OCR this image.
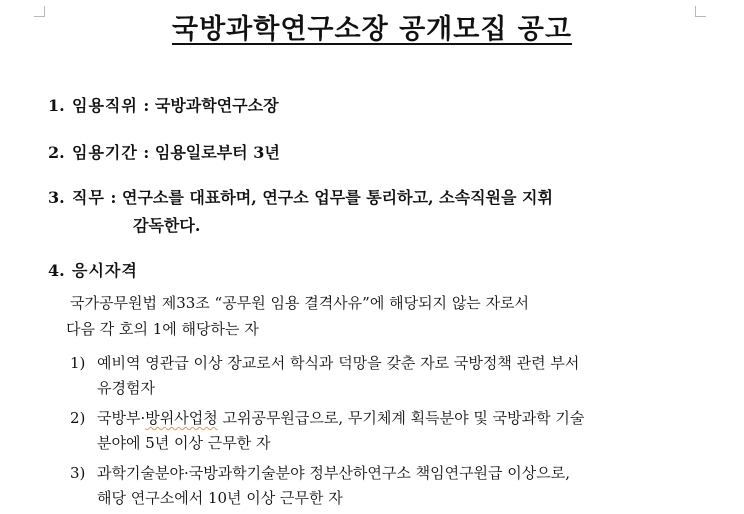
국방과학연구소장 공개모집 공고
1. 임용직위 : 국방과학연구소장
2. 임용기간 : 임용일로부터 3년
3. 직무 : 연구소를 대표하며, 연구소 업무를 통리하고, 소속직원을 지휘
감독한다.
4. 응시자격
국가공무원법 제33조 “공무원 임용 결격사유”에 해당되지 않는 자로서
다음 각 호의 1에 해당하는 자
1) 예비역 영관급 이상 장교로서 학식과 덕망을 갖춘 자로 국방정책 관련 부서
유경험자
2) 국방부·방위사업청 고위공무원급으로, 무기체계 획득분야 및 국방과학 기술
분야에 5년 이상 근무한 자
3) 과학기술분야·국방과학기술분야 정부산하연구소 책임연구원급 이상으로,
해당 연구소에서 10년 이상 근무한 자
